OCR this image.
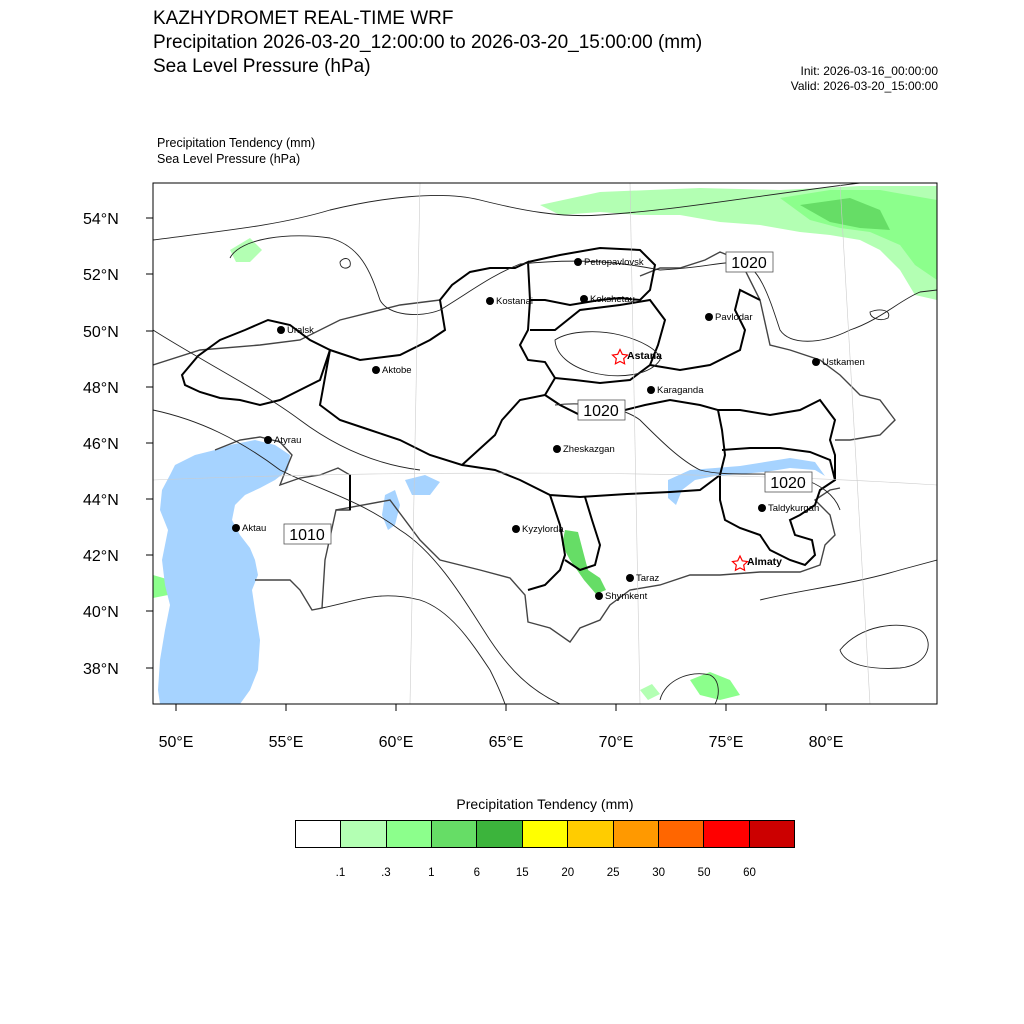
KAZHYDROMET REAL-TIME WRF
Precipitation 2026-03-20_12:00:00 to 2026-03-20_15:00:00 (mm)
Sea Level Pressure (hPa)	Init: 2026-03-16_00:00:00
Valid: 2026-03-20_15:00:00
Precipitation Tendency (mm)
Sea Level Pressure (hPa)
54°N
52°N
50°N
48°N
46°N
44°N
42°N
40°N
38°N
50°E	55°E	60°E	65°E	70°E	75°E	80°E
1020
1020
1020
1010
Petropavlovsk
Kostanai	Kokshetau
Pavlodar
Uralsk
Astana
Aktobe
Ustkamen
Karaganda
Atyrau
Zheskazgan
Aktau
Taldykurgan
Kyzylorda
Almaty
Taraz
Shymkent
Precipitation Tendency (mm)
.1	.3	1	6	15	20	25	30	50	60
